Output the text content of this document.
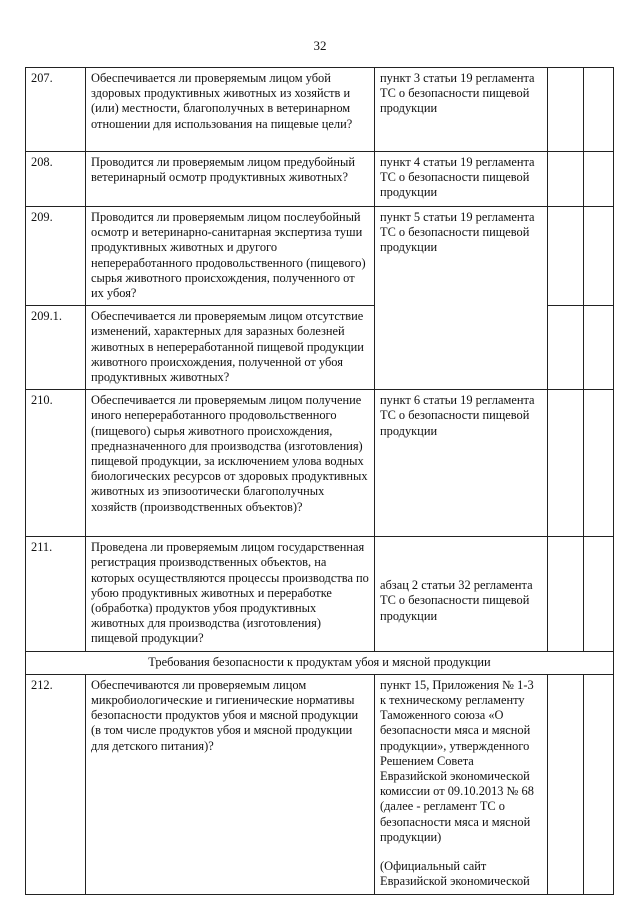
32
207.	Обеспечивается ли проверяемым лицом убой здоровых продуктивных животных из хозяйств и (или) местности, благополучных в ветеринарном отношении для использования на пищевые цели?	пункт 3 статьи 19 регламента ТС о безопасности пищевой продукции		
208.	Проводится ли проверяемым лицом предубойный ветеринарный осмотр продуктивных животных?	пункт 4 статьи 19 регламента ТС о безопасности пищевой продукции		
209.	Проводится ли проверяемым лицом послеубойный осмотр и ветеринарно-санитарная экспертиза туши продуктивных животных и другого непереработанного продовольственного (пищевого) сырья животного происхождения, полученного от их убоя?	пункт 5 статьи 19 регламента ТС о безопасности пищевой продукции		
209.1.	Обеспечивается ли проверяемым лицом отсутствие изменений, характерных для заразных болезней животных в непереработанной пищевой продукции животного происхождения, полученной от убоя продуктивных животных?			
210.	Обеспечивается ли проверяемым лицом получение иного непереработанного продовольственного (пищевого) сырья животного происхождения, предназначенного для производства (изготовления) пищевой продукции, за исключением улова водных биологических ресурсов от здоровых продуктивных животных из эпизоотически благополучных хозяйств (производственных объектов)?	пункт 6 статьи 19 регламента ТС о безопасности пищевой продукции		
211.	Проведена ли проверяемым лицом государственная регистрация производственных объектов, на которых осуществляются процессы производства по убою продуктивных животных и переработке (обработка) продуктов убоя продуктивных животных для производства (изготовления) пищевой продукции?	абзац 2 статьи 32 регламента ТС о безопасности пищевой продукции		
Требования безопасности к продуктам убоя и мясной продукции				
212.	Обеспечиваются ли проверяемым лицом микробиологические и гигиенические нормативы безопасности продуктов убоя и мясной продукции (в том числе продуктов убоя и мясной продукции для детского питания)?	пункт 15, Приложения № 1-3 к техническому регламенту Таможенного союза «О безопасности мяса и мясной продукции», утвержденного Решением Совета Евразийской экономической комиссии от 09.10.2013 № 68 (далее - регламент ТС о безопасности мяса и мясной продукции)
(Официальный сайт Евразийской экономической		
